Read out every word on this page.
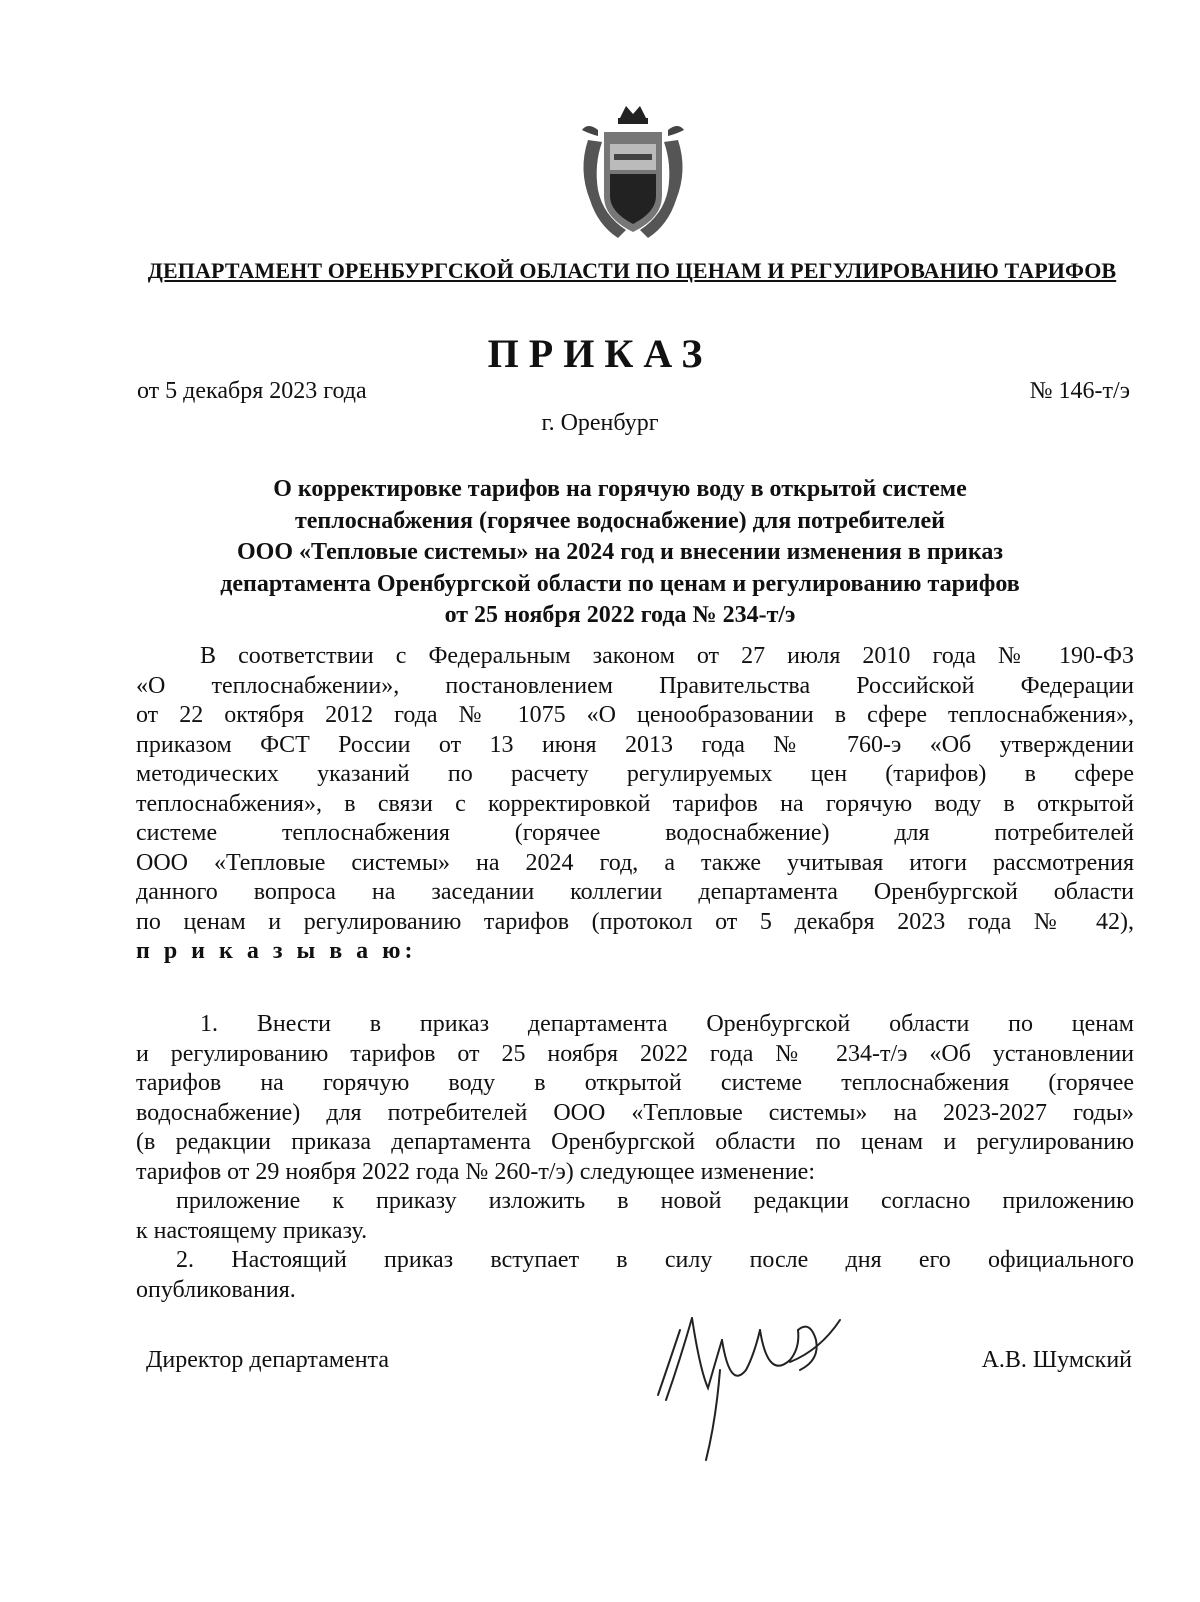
ДЕПАРТАМЕНТ ОРЕНБУРГСКОЙ ОБЛАСТИ ПО ЦЕНАМ И РЕГУЛИРОВАНИЮ ТАРИФОВ
ПРИКАЗ
от 5 декабря 2023 года	№ 146-т/э
г. Оренбург
О корректировке тарифов на горячую воду в открытой системе
теплоснабжения (горячее водоснабжение) для потребителей
ООО «Тепловые системы» на 2024 год и внесении изменения в приказ
департамента Оренбургской области по ценам и регулированию тарифов
от 25 ноября 2022 года № 234-т/э
В соответствии с Федеральным законом от 27 июля 2010 года № 190-ФЗ
«О теплоснабжении», постановлением Правительства Российской Федерации
от 22 октября 2012 года № 1075 «О ценообразовании в сфере теплоснабжения»,
приказом ФСТ России от 13 июня 2013 года № 760-э «Об утверждении
методических указаний по расчету регулируемых цен (тарифов) в сфере
теплоснабжения», в связи с корректировкой тарифов на горячую воду в открытой
системе теплоснабжения (горячее водоснабжение) для потребителей
ООО «Тепловые системы» на 2024 год, а также учитывая итоги рассмотрения
данного вопроса на заседании коллегии департамента Оренбургской области
по ценам и регулированию тарифов (протокол от 5 декабря 2023 года № 42),
п р и к а з ы в а ю:
1. Внести в приказ департамента Оренбургской области по ценам
и регулированию тарифов от 25 ноября 2022 года № 234-т/э «Об установлении
тарифов на горячую воду в открытой системе теплоснабжения (горячее
водоснабжение) для потребителей ООО «Тепловые системы» на 2023-2027 годы»
(в редакции приказа департамента Оренбургской области по ценам и регулированию
тарифов от 29 ноября 2022 года № 260-т/э) следующее изменение:
приложение к приказу изложить в новой редакции согласно приложению
к настоящему приказу.
2. Настоящий приказ вступает в силу после дня его официального
опубликования.
Директор департамента	А.В. Шумский
